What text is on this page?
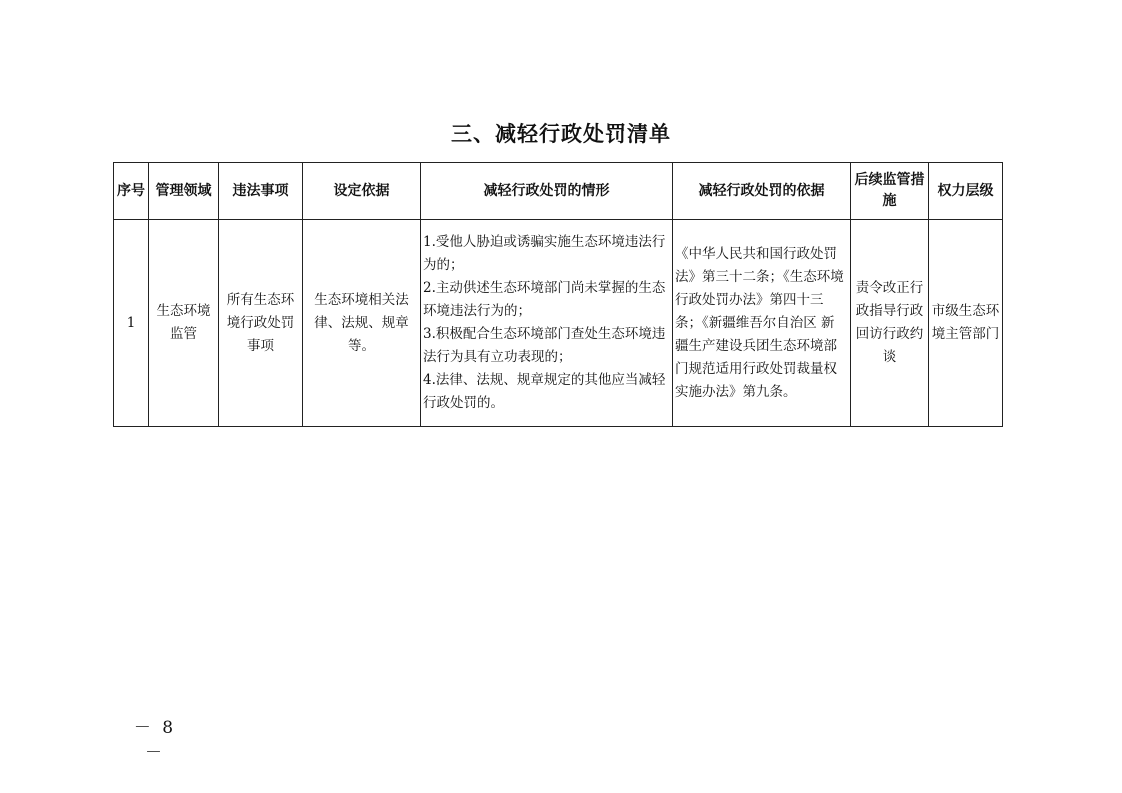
三、减轻行政处罚清单
序号	管理领域	违法事项	设定依据	减轻行政处罚的情形	减轻行政处罚的依据	后续监管措施	权力层级
1	生态环境监管	所有生态环境行政处罚事项	生态环境相关法律、法规、规章等。	1.受他人胁迫或诱骗实施生态环境违法行为的；
2.主动供述生态环境部门尚未掌握的生态环境违法行为的；
3.积极配合生态环境部门查处生态环境违法行为具有立功表现的；
4.法律、法规、规章规定的其他应当减轻行政处罚的。	《中华人民共和国行政处罚法》第三十二条；《生态环境行政处罚办法》第四十三条；《新疆维吾尔自治区 新疆生产建设兵团生态环境部门规范适用行政处罚裁量权实施办法》第九条。	责令改正行政指导行政回访行政约谈	市级生态环境主管部门
－ 8 －
